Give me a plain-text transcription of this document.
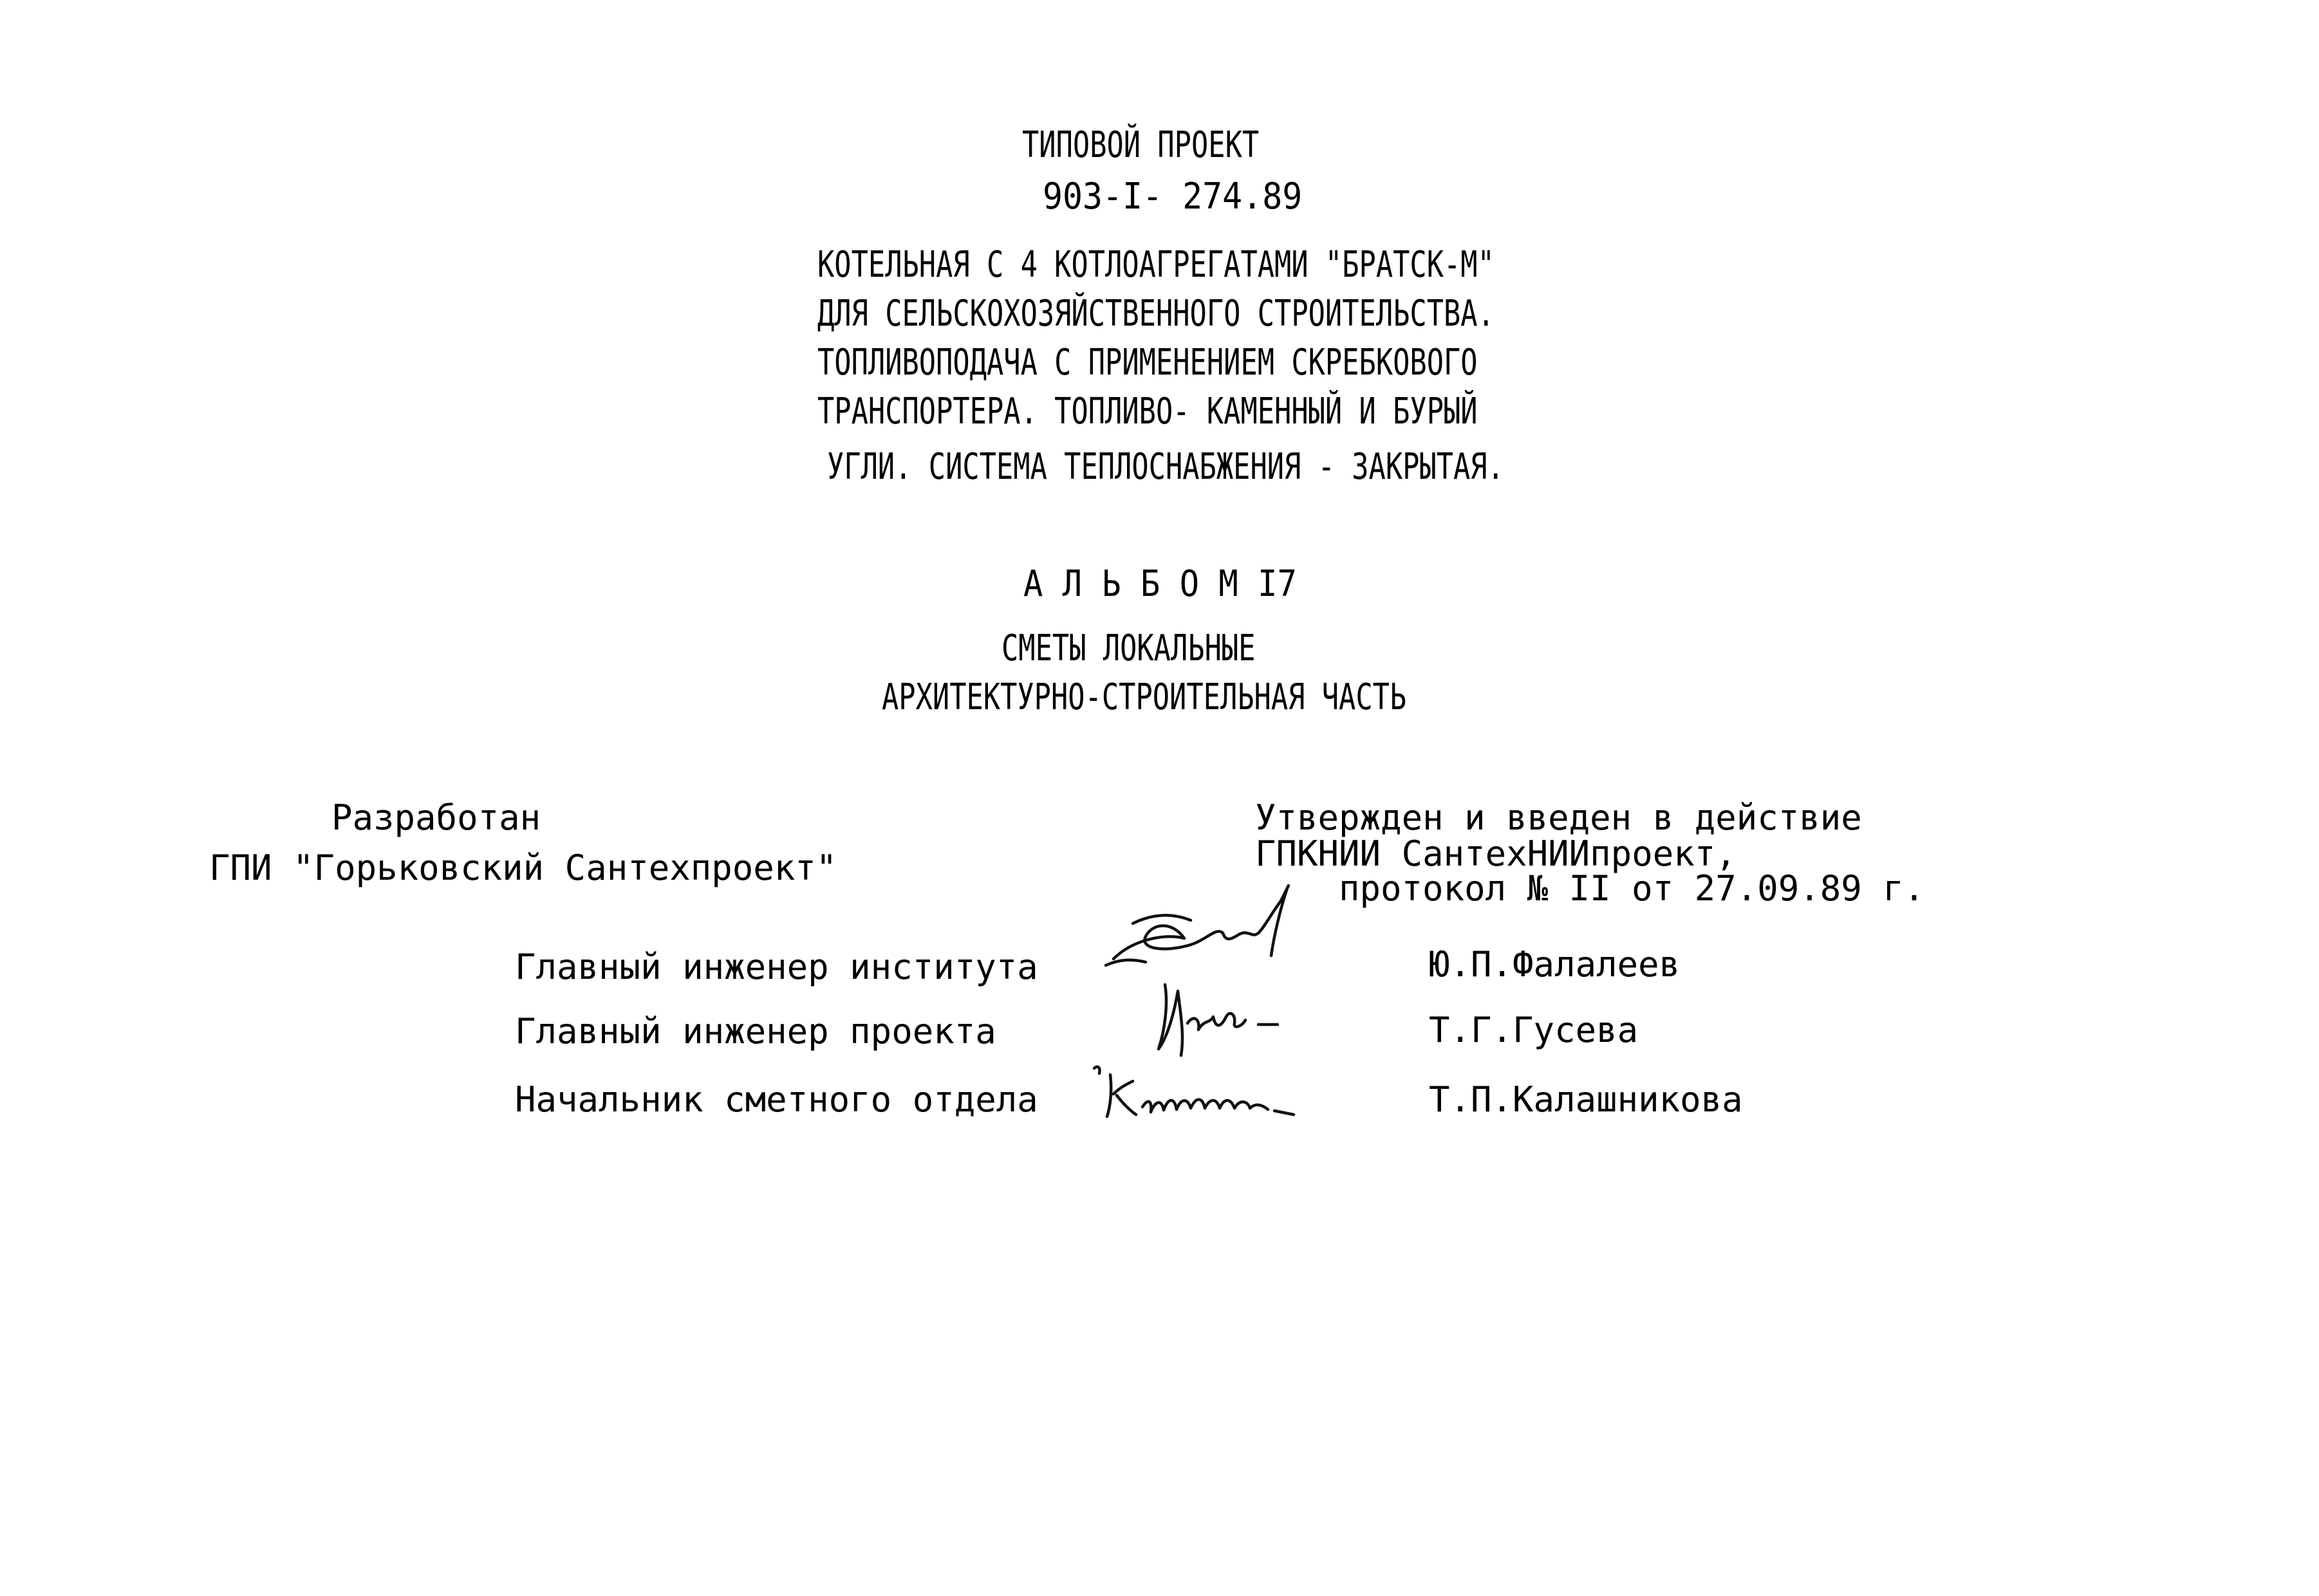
ТИПОВОЙ ПРОЕКТ
903-I- 274.89
КОТЕЛЬНАЯ С 4 КОТЛОАГРЕГАТАМИ "БРАТСК-М"
ДЛЯ СЕЛЬСКОХОЗЯЙСТВЕННОГО СТРОИТЕЛЬСТВА.
ТОПЛИВОПОДАЧА С ПРИМЕНЕНИЕМ СКРЕБКОВОГО
ТРАНСПОРТЕРА. ТОПЛИВО- КАМЕННЫЙ И БУРЫЙ
УГЛИ. СИСТЕМА ТЕПЛОСНАБЖЕНИЯ - ЗАКРЫТАЯ.
А Л Ь Б О М I7
СМЕТЫ ЛОКАЛЬНЫЕ
АРХИТЕКТУРНО-СТРОИТЕЛЬНАЯ ЧАСТЬ
Разработан
ГПИ "Горьковский Сантехпроект"
Утвержден и введен в действие
ГПКНИИ СантехНИИпроект,
протокол № II от 27.09.89 г.
Главный инженер института
Главный инженер проекта
Начальник сметного отдела
Ю.П.Фалалеев
Т.Г.Гусева
Т.П.Калашникова
